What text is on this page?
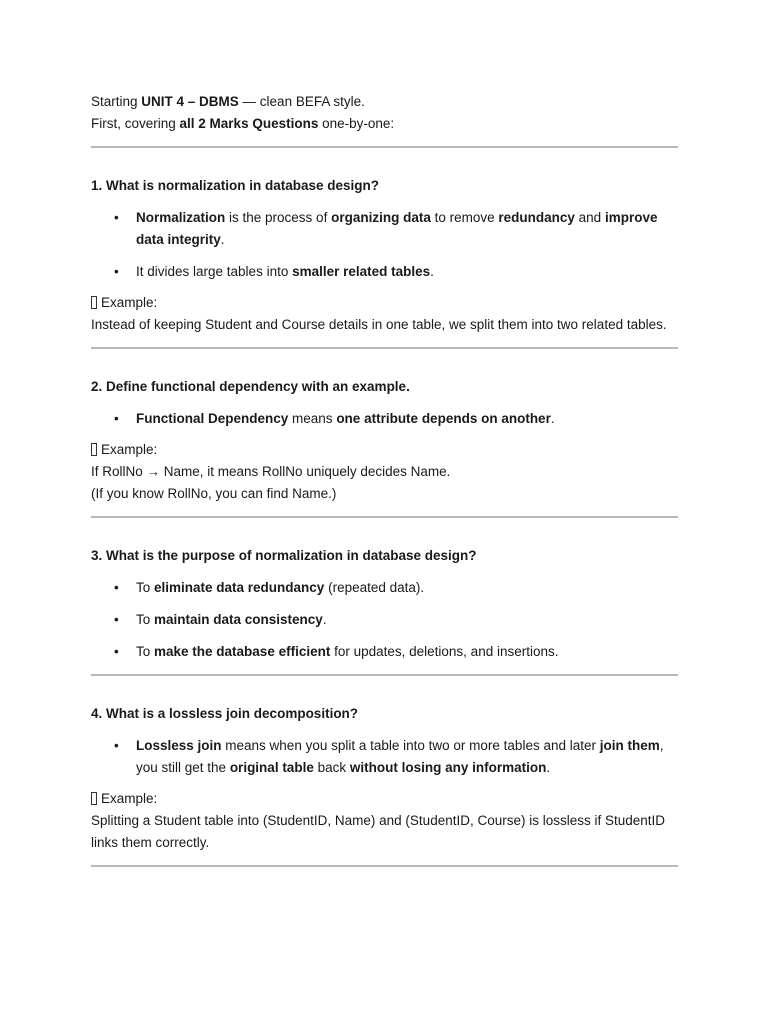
Starting UNIT 4 – DBMS — clean BEFA style.

First, covering all 2 Marks Questions one-by-one:

1. What is normalization in database design?

• Normalization is the process of organizing data to remove redundancy and improve data integrity.
• It divides large tables into smaller related tables.
Example:
Instead of keeping Student and Course details in one table, we split them into two related tables.

2. Define functional dependency with an example.

• Functional Dependency means one attribute depends on another.
Example:
If RollNo → Name, it means RollNo uniquely decides Name.
(If you know RollNo, you can find Name.)

3. What is the purpose of normalization in database design?

• To eliminate data redundancy (repeated data).
• To maintain data consistency.
• To make the database efficient for updates, deletions, and insertions.

4. What is a lossless join decomposition?

• Lossless join means when you split a table into two or more tables and later join them, you still get the original table back without losing any information.
Example:
Splitting a Student table into (StudentID, Name) and (StudentID, Course) is lossless if StudentID links them correctly.
